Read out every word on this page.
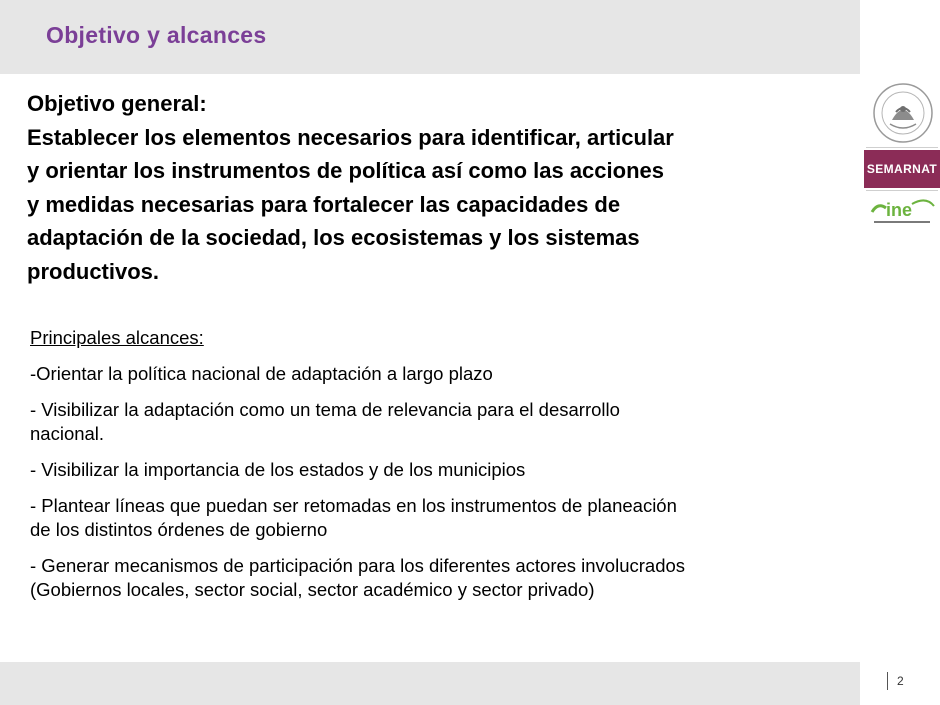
Objetivo y alcances
SEMARNAT
ine
Objetivo general:
Establecer los elementos necesarios para identificar, articular
y orientar los instrumentos de política así como las acciones
y medidas necesarias para fortalecer las capacidades de
adaptación de la sociedad, los ecosistemas y los sistemas
productivos.
Principales alcances:
-Orientar la política nacional de adaptación a largo plazo
- Visibilizar la adaptación como un tema de relevancia para el desarrollo
nacional.
- Visibilizar la importancia de los estados y de los municipios
- Plantear líneas que puedan ser retomadas en los instrumentos de planeación
de los distintos órdenes de gobierno
- Generar mecanismos de participación para los diferentes actores involucrados
(Gobiernos locales, sector social, sector académico y sector privado)
2
